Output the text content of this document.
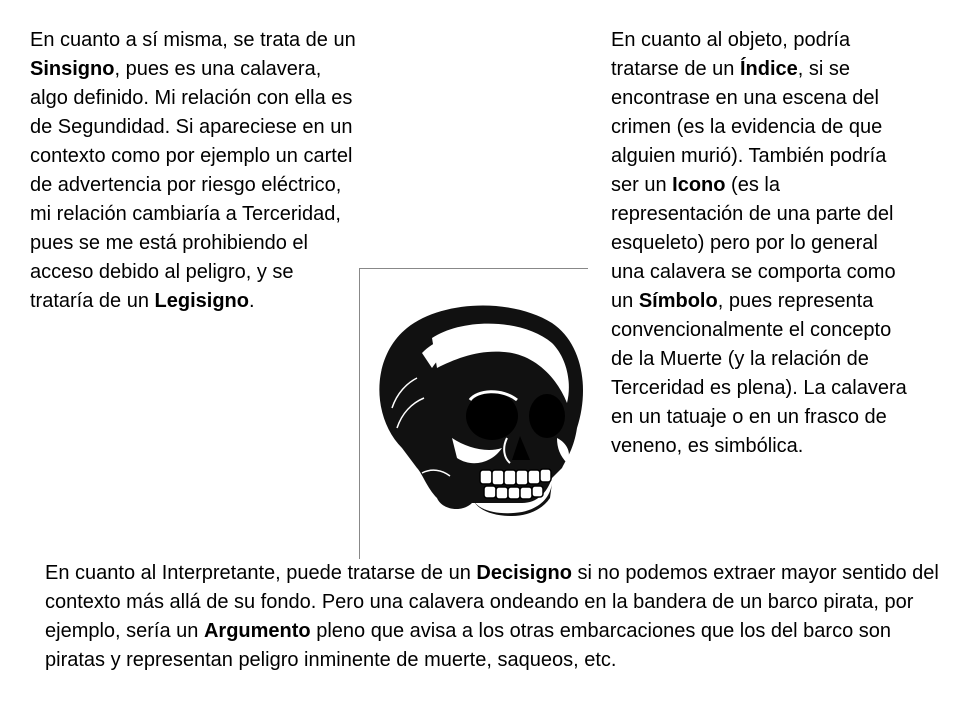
En cuanto a sí misma, se trata de un Sinsigno, pues es una calavera, algo definido. Mi relación con ella es de Segundidad. Si apareciese en un contexto como por ejemplo un cartel de advertencia por riesgo eléctrico, mi relación cambiaría a Terceridad, pues se me está prohibiendo el acceso debido al peligro, y se trataría de un Legisigno.

En cuanto al objeto, podría tratarse de un Índice, si se encontrase en una escena del crimen (es la evidencia de que alguien murió). También podría ser un Icono (es la representación de una parte del esqueleto) pero por lo general una calavera se comporta como un Símbolo, pues representa convencionalmente el concepto de la Muerte (y la relación de Terceridad es plena). La calavera en un tatuaje o en un frasco de veneno, es simbólica.

En cuanto al Interpretante, puede tratarse de un Decisigno si no podemos extraer mayor sentido del contexto más allá de su fondo. Pero una calavera ondeando en la bandera de un barco pirata, por ejemplo, sería un Argumento pleno que avisa a los otras embarcaciones que los del barco son piratas y representan peligro inminente de muerte, saqueos, etc.
